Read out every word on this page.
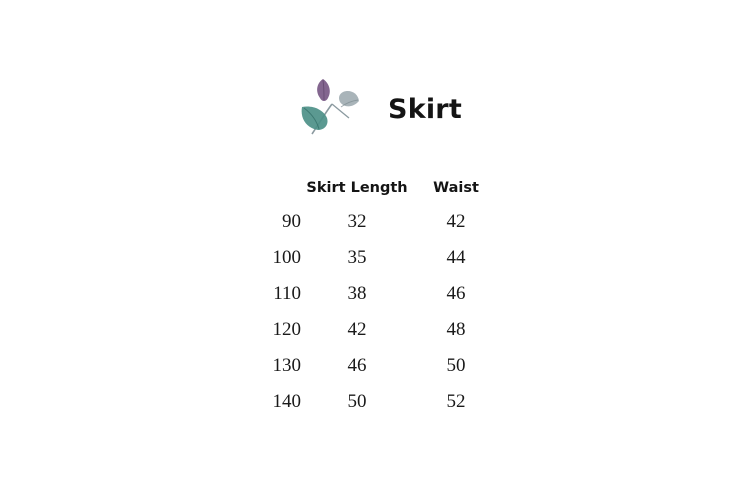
Skirt
	Skirt Length	Waist
90	32	42
100	35	44
110	38	46
120	42	48
130	46	50
140	50	52
